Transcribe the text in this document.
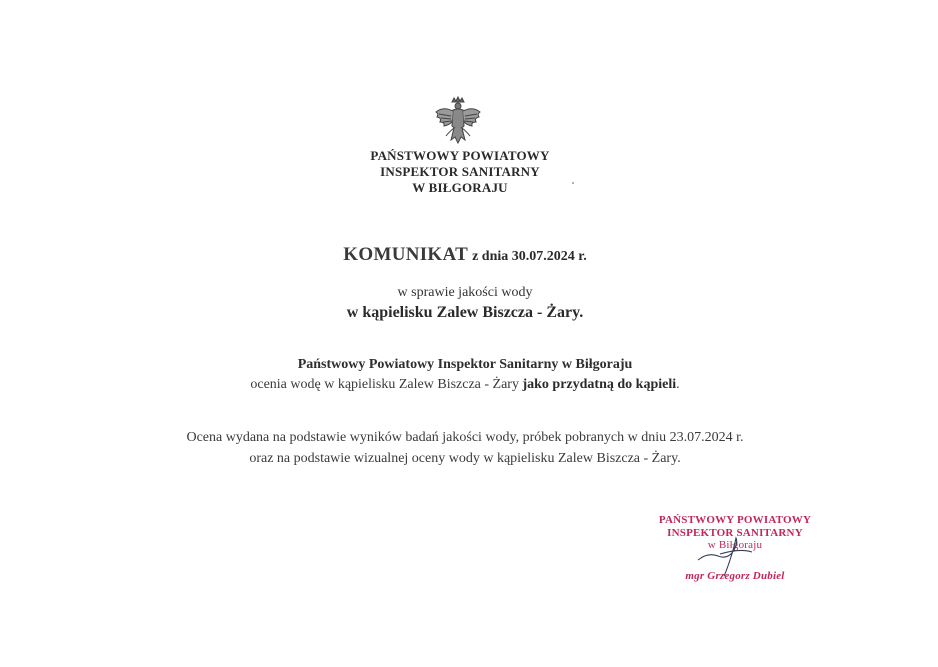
PAŃSTWOWY POWIATOWY
INSPEKTOR SANITARNY
W BIŁGORAJU
KOMUNIKAT z dnia 30.07.2024 r.
w sprawie jakości wody
w kąpielisku Zalew Biszcza - Żary.
Państwowy Powiatowy Inspektor Sanitarny w Biłgoraju
ocenia wodę w kąpielisku Zalew Biszcza - Żary jako przydatną do kąpieli.
Ocena wydana na podstawie wyników badań jakości wody, próbek pobranych w dniu 23.07.2024 r.
oraz na podstawie wizualnej oceny wody w kąpielisku Zalew Biszcza - Żary.
PAŃSTWOWY POWIATOWY
INSPEKTOR SANITARNY
w Biłgoraju
mgr Grzegorz Dubiel
